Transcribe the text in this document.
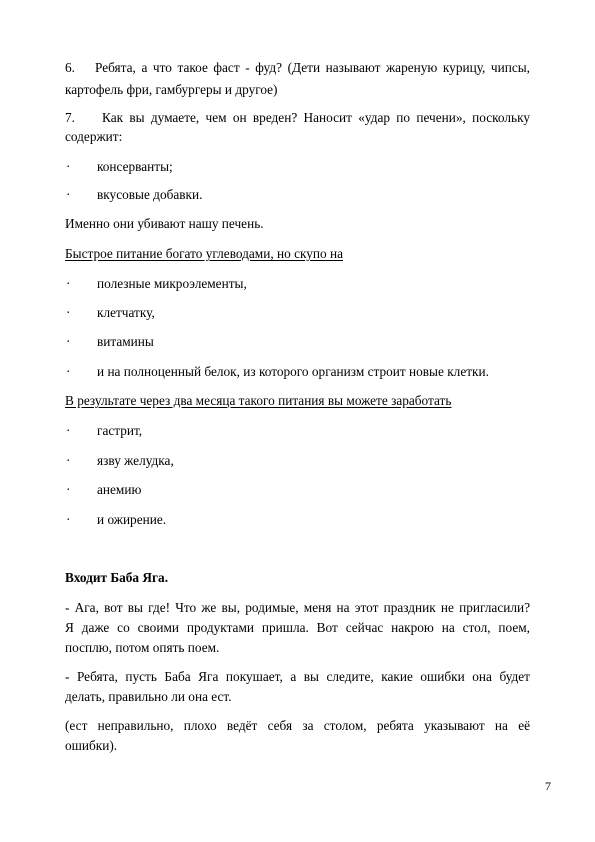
6. Ребята, а что такое фаст - фуд? (Дети называют жареную курицу, чипсы,
картофель фри, гамбургеры и другое)
7. Как вы думаете, чем он вреден? Наносит «удар по печени», поскольку
содержит:
· консерванты;
· вкусовые добавки.
Именно они убивают нашу печень.
Быстрое питание богато углеводами, но скупо на
· полезные микроэлементы,
· клетчатку,
· витамины
· и на полноценный белок, из которого организм строит новые клетки.
В результате через два месяца такого питания вы можете заработать
· гастрит,
· язву желудка,
· анемию
· и ожирение.
Входит Баба Яга.
- Ага, вот вы где! Что же вы, родимые, меня на этот праздник не пригласили?
Я даже со своими продуктами пришла. Вот сейчас накрою на стол, поем,
посплю, потом опять поем.
- Ребята, пусть Баба Яга покушает, а вы следите, какие ошибки она будет
делать, правильно ли она ест.
(ест неправильно, плохо ведёт себя за столом, ребята указывают на её
ошибки).
7
